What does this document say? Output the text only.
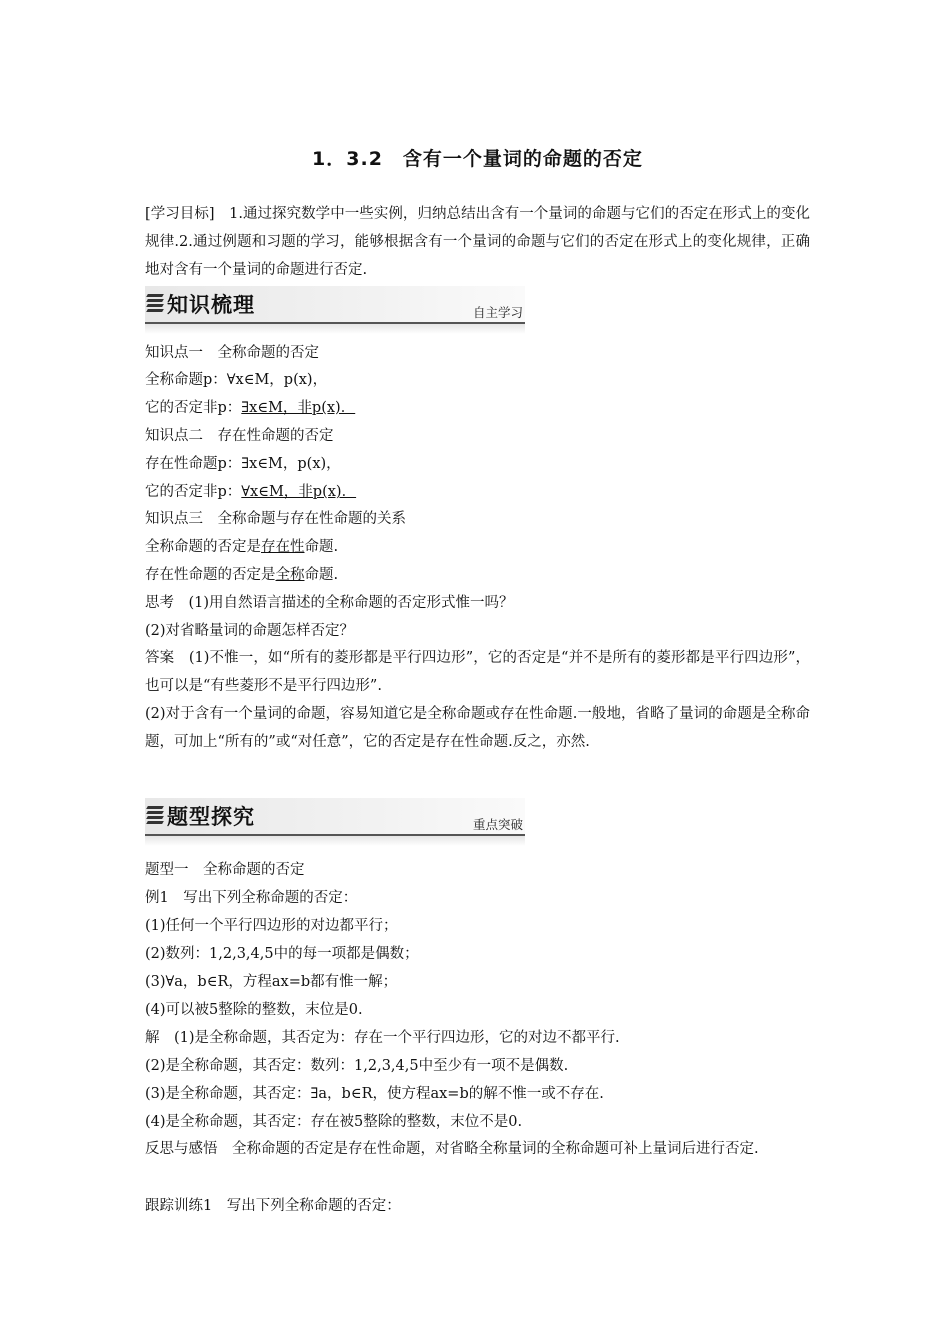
1．3.2　含有一个量词的命题的否定
[学习目标]　1.通过探究数学中一些实例，归纳总结出含有一个量词的命题与它们的否定在形式上的变化规律.2.通过例题和习题的学习，能够根据含有一个量词的命题与它们的否定在形式上的变化规律，正确地对含有一个量词的命题进行否定.
知识梳理	自主学习
知识点一　全称命题的否定
全称命题p：∀x∈M，p(x)，
它的否定非p：∃x∈M，非p(x)．
知识点二　存在性命题的否定
存在性命题p：∃x∈M，p(x)，
它的否定非p：∀x∈M，非p(x)．
知识点三　全称命题与存在性命题的关系
全称命题的否定是存在性命题.
存在性命题的否定是全称命题.
思考　(1)用自然语言描述的全称命题的否定形式惟一吗？
(2)对省略量词的命题怎样否定？
答案　(1)不惟一，如“所有的菱形都是平行四边形”，它的否定是“并不是所有的菱形都是平行四边形”，也可以是“有些菱形不是平行四边形”.
(2)对于含有一个量词的命题，容易知道它是全称命题或存在性命题.一般地，省略了量词的命题是全称命题，可加上“所有的”或“对任意”，它的否定是存在性命题.反之，亦然.
题型探究	重点突破
题型一　全称命题的否定
例1　写出下列全称命题的否定：
(1)任何一个平行四边形的对边都平行；
(2)数列：1,2,3,4,5中的每一项都是偶数；
(3)∀a，b∈R，方程ax=b都有惟一解；
(4)可以被5整除的整数，末位是0.
解　(1)是全称命题，其否定为：存在一个平行四边形，它的对边不都平行.
(2)是全称命题，其否定：数列：1,2,3,4,5中至少有一项不是偶数.
(3)是全称命题，其否定：∃a，b∈R，使方程ax=b的解不惟一或不存在.
(4)是全称命题，其否定：存在被5整除的整数，末位不是0.
反思与感悟　全称命题的否定是存在性命题，对省略全称量词的全称命题可补上量词后进行否定.
跟踪训练1　写出下列全称命题的否定：
